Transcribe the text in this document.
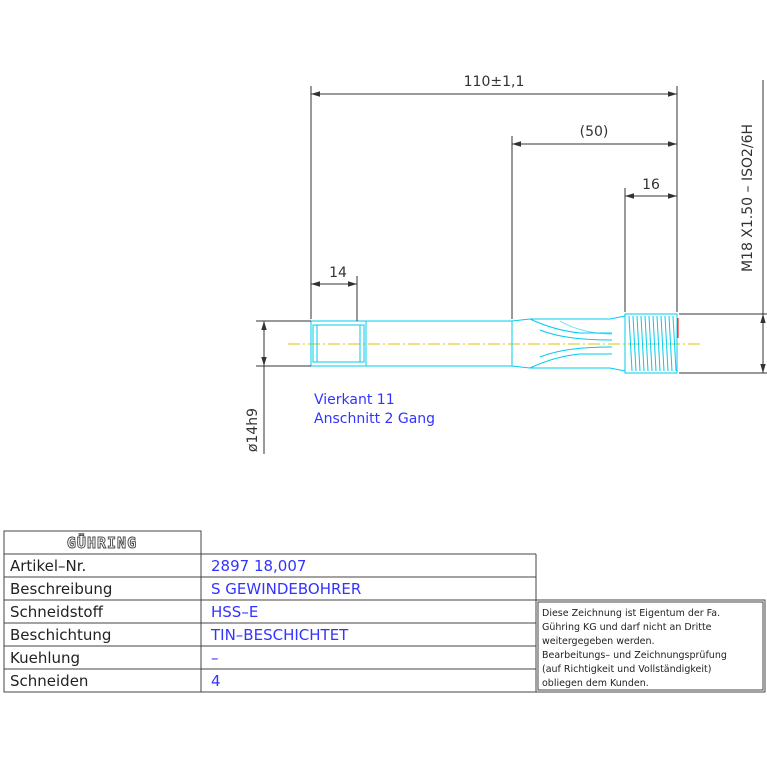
110±1,1
(50)
16
14
ø14h9
M18 X1.50 – ISO2/6H
Vierkant 11
Anschnitt 2 Gang
GÜHRING
Artikel–Nr.	2897 18,007
Beschreibung	S GEWINDEBOHRER
Schneidstoff	HSS–E
Beschichtung	TIN–BESCHICHTET
Kuehlung	–
Schneiden	4
Diese Zeichnung ist Eigentum der Fa.
Gühring KG und darf nicht an Dritte
weitergegeben werden.
Bearbeitungs– und Zeichnungsprüfung
(auf Richtigkeit und Vollständigkeit)
obliegen dem Kunden.
